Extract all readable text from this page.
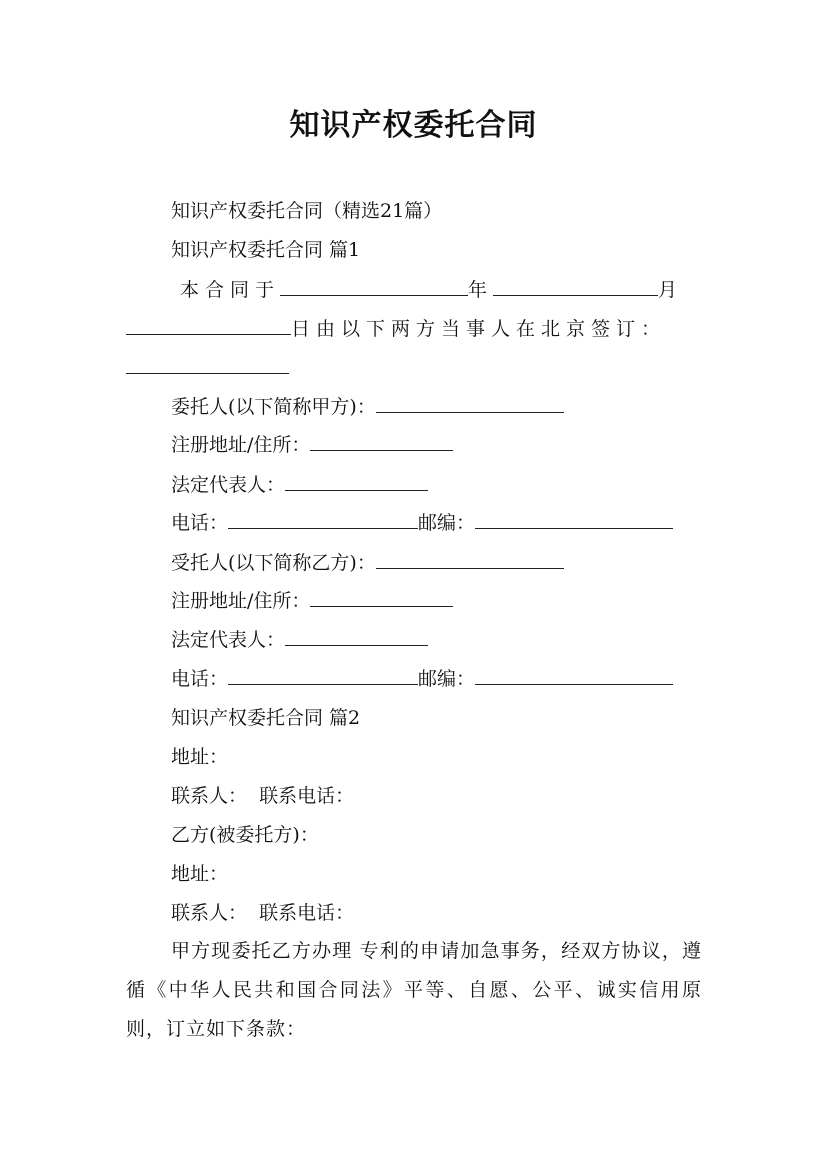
知识产权委托合同
知识产权委托合同（精选21篇）
知识产权委托合同 篇1
本合同于	年	月
日由以下两方当事人在北京签订：
委托人(以下简称甲方)：
注册地址/住所：
法定代表人：
电话：	邮编：
受托人(以下简称乙方)：
注册地址/住所：
法定代表人：
电话：	邮编：
知识产权委托合同 篇2
地址：
联系人：  联系电话：
乙方(被委托方)：
地址：
联系人：  联系电话：
甲方现委托乙方办理 专利的申请加急事务，经双方协议，遵循《中华人民共和国合同法》平等、自愿、公平、诚实信用原则，订立如下条款：
